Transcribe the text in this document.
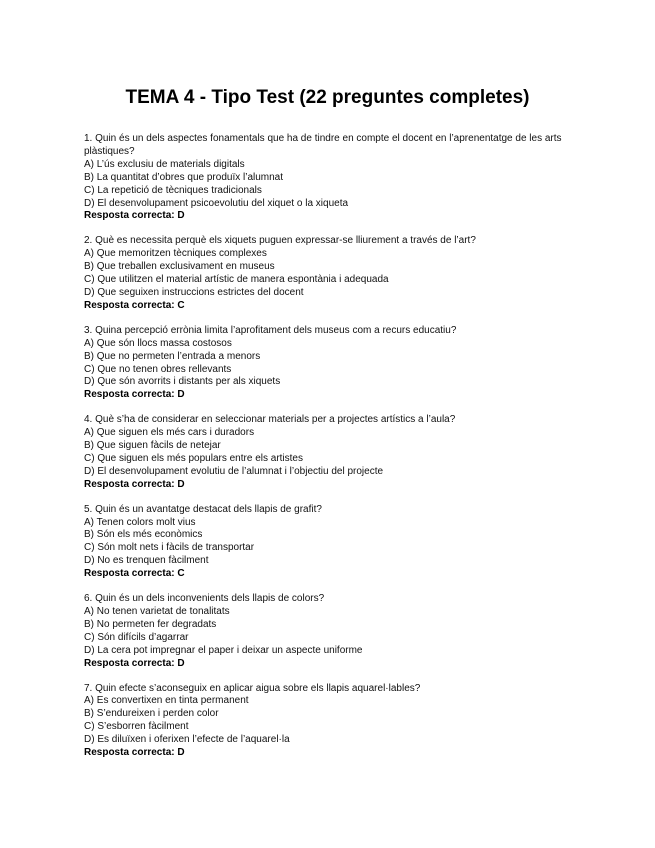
TEMA 4 - Tipo Test (22 preguntes completes)
1. Quin és un dels aspectes fonamentals que ha de tindre en compte el docent en l’aprenentatge de les arts plàstiques?
A) L’ús exclusiu de materials digitals
B) La quantitat d’obres que produïx l’alumnat
C) La repetició de tècniques tradicionals
D) El desenvolupament psicoevolutiu del xiquet o la xiqueta
Resposta correcta: D
2. Què es necessita perquè els xiquets puguen expressar-se lliurement a través de l’art?
A) Que memoritzen tècniques complexes
B) Que treballen exclusivament en museus
C) Que utilitzen el material artístic de manera espontània i adequada
D) Que seguixen instruccions estrictes del docent
Resposta correcta: C
3. Quina percepció errònia limita l’aprofitament dels museus com a recurs educatiu?
A) Que són llocs massa costosos
B) Que no permeten l’entrada a menors
C) Que no tenen obres rellevants
D) Que són avorrits i distants per als xiquets
Resposta correcta: D
4. Què s’ha de considerar en seleccionar materials per a projectes artístics a l’aula?
A) Que siguen els més cars i duradors
B) Que siguen fàcils de netejar
C) Que siguen els més populars entre els artistes
D) El desenvolupament evolutiu de l’alumnat i l’objectiu del projecte
Resposta correcta: D
5. Quin és un avantatge destacat dels llapis de grafit?
A) Tenen colors molt vius
B) Són els més econòmics
C) Són molt nets i fàcils de transportar
D) No es trenquen fàcilment
Resposta correcta: C
6. Quin és un dels inconvenients dels llapis de colors?
A) No tenen varietat de tonalitats
B) No permeten fer degradats
C) Són difícils d’agarrar
D) La cera pot impregnar el paper i deixar un aspecte uniforme
Resposta correcta: D
7. Quin efecte s’aconseguix en aplicar aigua sobre els llapis aquarel·lables?
A) Es convertixen en tinta permanent
B) S’endureixen i perden color
C) S’esborren fàcilment
D) Es diluïxen i oferixen l’efecte de l’aquarel·la
Resposta correcta: D
